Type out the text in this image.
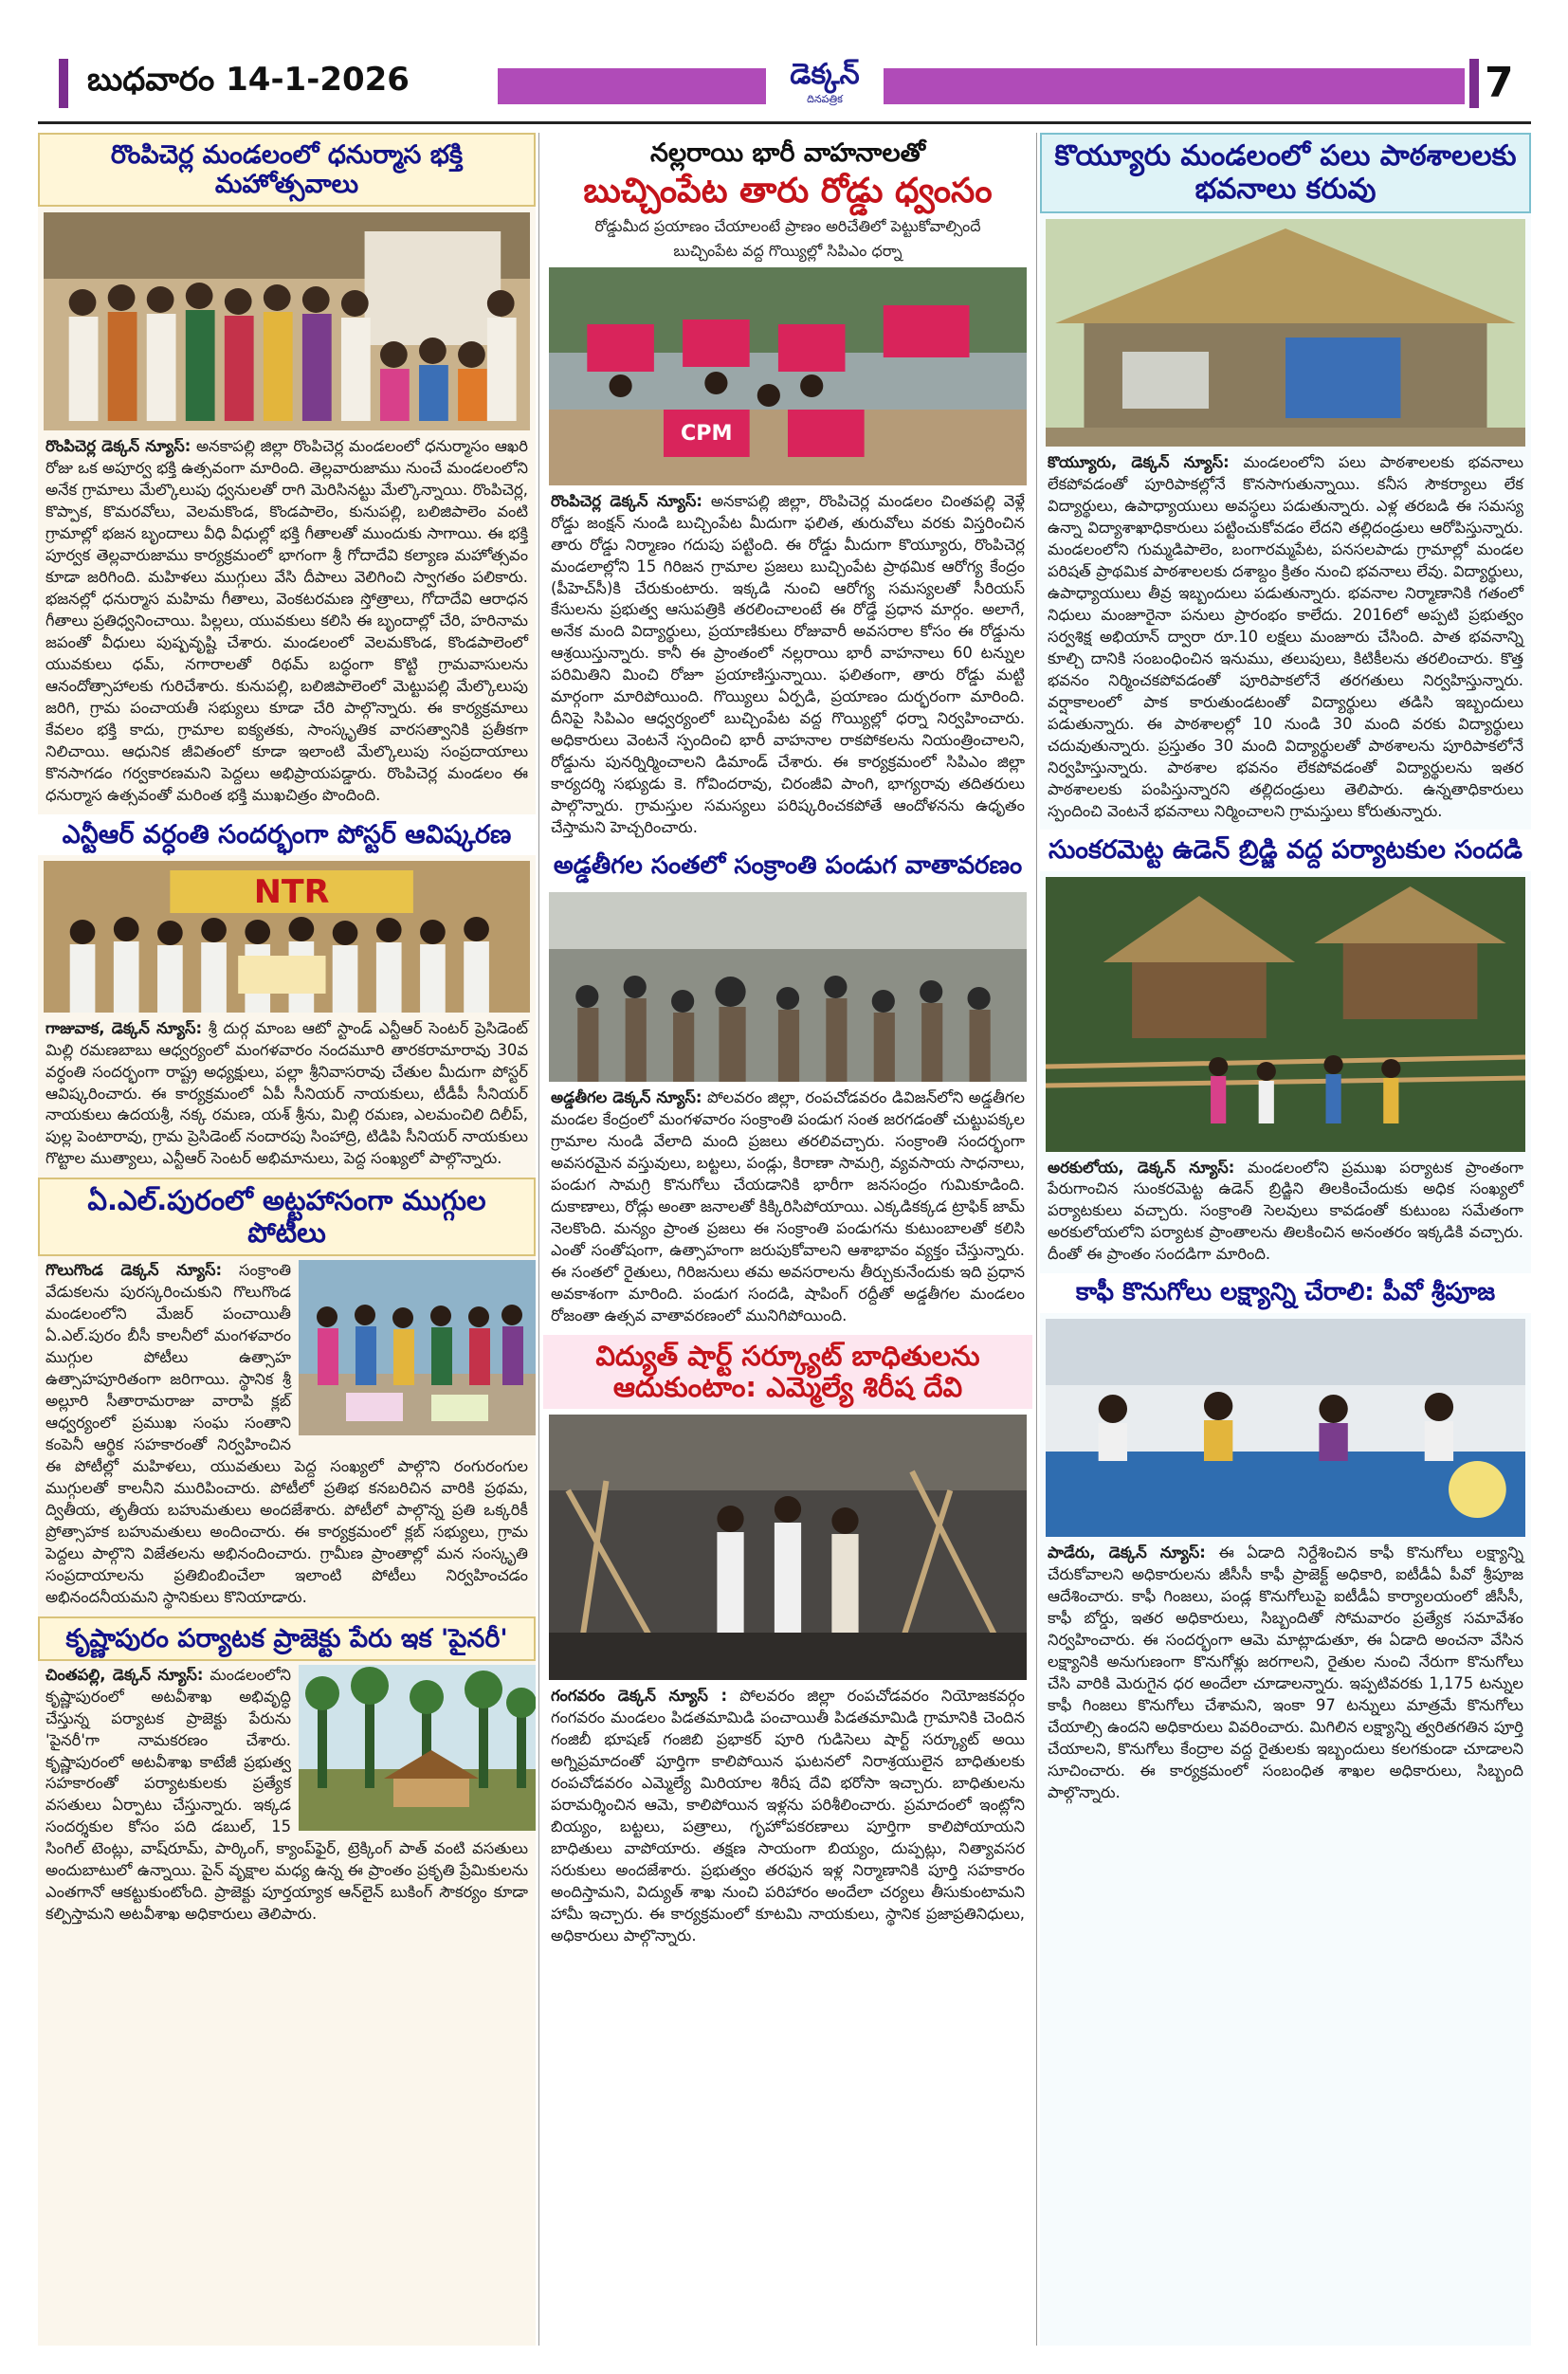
బుధవారం 14-1-2026	డెక్కన్
దినపత్రిక	7
రొంపిచెర్ల మండలంలో ధనుర్మాస భక్తి మహోత్సవాలు

రొంపిచెర్ల డెక్కన్ న్యూస్: అనకాపల్లి జిల్లా రొంపిచెర్ల మండలంలో ధనుర్మాసం ఆఖరి రోజు ఒక అపూర్వ భక్తి ఉత్సవంగా మారింది. తెల్లవారుజాము నుంచే మండలంలోని అనేక గ్రామాలు మేల్కొలుపు ధ్వనులతో రాగి మెరిసినట్టు మేల్కొన్నాయి. రొంపిచెర్ల, కొప్పాక, కొమరవోలు, వెలమకొండ, కొండపాలెం, కునుపల్లి, బలిజిపాలెం వంటి గ్రామాల్లో భజన బృందాలు వీధి వీధుల్లో భక్తి గీతాలతో ముందుకు సాగాయి. ఈ భక్తి పూర్వక తెల్లవారుజాము కార్యక్రమంలో భాగంగా శ్రీ గోదాదేవి కల్యాణ మహోత్సవం కూడా జరిగింది. మహిళలు ముగ్గులు వేసి దీపాలు వెలిగించి స్వాగతం పలికారు. భజనల్లో ధనుర్మాస మహిమ గీతాలు, వెంకటరమణ స్తోత్రాలు, గోదాదేవి ఆరాధన గీతాలు ప్రతిధ్వనించాయి. పిల్లలు, యువకులు కలిసి ఈ బృందాల్లో చేరి, హరినామ జపంతో వీధులు పుష్పవృష్టి చేశారు. మండలంలో వెలమకొండ, కొండపాలెంలో యువకులు ధమ్, నగారాలతో రిథమ్ బద్ధంగా కొట్టి గ్రామవాసులను ఆనందోత్సాహాలకు గురిచేశారు. కునుపల్లి, బలిజిపాలెంలో మెట్టుపల్లి మేల్కొలుపు జరిగి, గ్రామ పంచాయతీ సభ్యులు కూడా చేరి పాల్గొన్నారు. ఈ కార్యక్రమాలు కేవలం భక్తి కాదు, గ్రామాల ఐక్యతకు, సాంస్కృతిక వారసత్వానికి ప్రతీకగా నిలిచాయి. ఆధునిక జీవితంలో కూడా ఇలాంటి మేల్కొలుపు సంప్రదాయాలు కొనసాగడం గర్వకారణమని పెద్దలు అభిప్రాయపడ్డారు. రొంపిచెర్ల మండలం ఈ ధనుర్మాస ఉత్సవంతో మరింత భక్తి ముఖచిత్రం పొందింది.

ఎన్టీఆర్ వర్ధంతి సందర్భంగా పోస్టర్ ఆవిష్కరణ
NTR

గాజువాక, డెక్కన్ న్యూస్: శ్రీ దుర్గ మాంబ ఆటో స్టాండ్ ఎన్టీఆర్ సెంటర్ ప్రెసిడెంట్ మిల్లి రమణబాబు ఆధ్వర్యంలో మంగళవారం నందమూరి తారకరామారావు 30వ వర్ధంతి సందర్భంగా రాష్ట్ర అధ్యక్షులు, పల్లా శ్రీనివాసరావు చేతుల మీదుగా పోస్టర్ ఆవిష్కరించారు. ఈ కార్యక్రమంలో ఏపీ సీనియర్ నాయకులు, టీడీపీ సీనియర్ నాయకులు ఉదయశ్రీ, నక్క రమణ, యశ్ శ్రీను, మిల్లి రమణ, ఎలమంచిలి దిలీప్, పుల్ల పెంటారావు, గ్రామ ప్రెసిడెంట్ నందారపు సింహాద్రి, టిడిపి సీనియర్ నాయకులు గొట్టాల ముత్యాలు, ఎన్టీఆర్ సెంటర్ అభిమానులు, పెద్ద సంఖ్యలో పాల్గొన్నారు.

ఏ.ఎల్.పురంలో అట్టహాసంగా ముగ్గుల పోటీలు

గొలుగొండ డెక్కన్ న్యూస్: సంక్రాంతి వేడుకలను పురస్కరించుకుని గొలుగొండ మండలంలోని మేజర్ పంచాయితీ ఏ.ఎల్.పురం బీసీ కాలనీలో మంగళవారం ముగ్గుల పోటీలు ఉత్సాహ ఉత్సాహపూరితంగా జరిగాయి. స్థానిక శ్రీ అల్లూరి సీతారామరాజు వారాపి క్లబ్ ఆధ్వర్యంలో ప్రముఖ సంఘ సంతాని కంపెనీ ఆర్థిక సహకారంతో నిర్వహించిన ఈ పోటీల్లో మహిళలు, యువతులు పెద్ద సంఖ్యలో పాల్గొని రంగురంగుల ముగ్గులతో కాలనీని మురిపించారు. పోటీలో ప్రతిభ కనబరిచిన వారికి ప్రథమ, ద్వితీయ, తృతీయ బహుమతులు అందజేశారు. పోటీలో పాల్గొన్న ప్రతి ఒక్కరికీ ప్రోత్సాహక బహుమతులు అందించారు. ఈ కార్యక్రమంలో క్లబ్ సభ్యులు, గ్రామ పెద్దలు పాల్గొని విజేతలను అభినందించారు. గ్రామీణ ప్రాంతాల్లో మన సంస్కృతి సంప్రదాయాలను ప్రతిబింబించేలా ఇలాంటి పోటీలు నిర్వహించడం అభినందనీయమని స్థానికులు కొనియాడారు.

కృష్ణాపురం పర్యాటక ప్రాజెక్టు పేరు ఇక 'పైనరీ'

చింతపల్లి, డెక్కన్ న్యూస్: మండలంలోని కృష్ణాపురంలో అటవీశాఖ అభివృద్ధి చేస్తున్న పర్యాటక ప్రాజెక్టు పేరును 'పైనరీ'గా నామకరణం చేశారు. కృష్ణాపురంలో అటవీశాఖ కాటేజీ ప్రభుత్వ సహకారంతో పర్యాటకులకు ప్రత్యేక వసతులు ఏర్పాటు చేస్తున్నారు. ఇక్కడ సందర్శకుల కోసం పది డబుల్, 15 సింగిల్ టెంట్లు, వాష్‌రూమ్, పార్కింగ్, క్యాంప్‌ఫైర్, ట్రెక్కింగ్ పాత్ వంటి వసతులు అందుబాటులో ఉన్నాయి. పైన్ వృక్షాల మధ్య ఉన్న ఈ ప్రాంతం ప్రకృతి ప్రేమికులను ఎంతగానో ఆకట్టుకుంటోంది. ప్రాజెక్టు పూర్తయ్యాక ఆన్‌లైన్ బుకింగ్ సౌకర్యం కూడా కల్పిస్తామని అటవీశాఖ అధికారులు తెలిపారు.

నల్లరాయి భారీ వాహనాలతో
బుచ్చింపేట తారు రోడ్డు ధ్వంసం

రోడ్డుమీద ప్రయాణం చేయాలంటే ప్రాణం అరిచేతిలో పెట్టుకోవాల్సిందే

బుచ్చింపేట వద్ద గొయ్యిల్లో సిపిఎం ధర్నా

CPM

రొంపిచెర్ల డెక్కన్ న్యూస్: అనకాపల్లి జిల్లా, రొంపిచెర్ల మండలం చింతపల్లి వెళ్లే రోడ్డు జంక్షన్ నుండి బుచ్చింపేట మీదుగా ఫలిత, తురువోలు వరకు విస్తరించిన తారు రోడ్డు నిర్మాణం గదుపు పట్టింది. ఈ రోడ్డు మీదుగా కొయ్యూరు, రొంపిచెర్ల మండలాల్లోని 15 గిరిజన గ్రామాల ప్రజలు బుచ్చింపేట ప్రాథమిక ఆరోగ్య కేంద్రం (పీహెచ్‌సీ)కి చేరుకుంటారు. ఇక్కడి నుంచి ఆరోగ్య సమస్యలతో సీరియస్ కేసులను ప్రభుత్వ ఆసుపత్రికి తరలించాలంటే ఈ రోడ్డే ప్రధాన మార్గం. అలాగే, అనేక మంది విద్యార్థులు, ప్రయాణికులు రోజువారీ అవసరాల కోసం ఈ రోడ్డును ఆశ్రయిస్తున్నారు. కానీ ఈ ప్రాంతంలో నల్లరాయి భారీ వాహనాలు 60 టన్నుల పరిమితిని మించి రోజూ ప్రయాణిస్తున్నాయి. ఫలితంగా, తారు రోడ్డు మట్టి మార్గంగా మారిపోయింది. గొయ్యిలు ఏర్పడి, ప్రయాణం దుర్భరంగా మారింది. దీనిపై సిపిఎం ఆధ్వర్యంలో బుచ్చింపేట వద్ద గొయ్యిల్లో ధర్నా నిర్వహించారు. అధికారులు వెంటనే స్పందించి భారీ వాహనాల రాకపోకలను నియంత్రించాలని, రోడ్డును పునర్నిర్మించాలని డిమాండ్ చేశారు. ఈ కార్యక్రమంలో సిపిఎం జిల్లా కార్యదర్శి సభ్యుడు కె. గోవిందరావు, చిరంజీవి పాంగి, భాగ్యరావు తదితరులు పాల్గొన్నారు. గ్రామస్తుల సమస్యలు పరిష్కరించకపోతే ఆందోళనను ఉధృతం చేస్తామని హెచ్చరించారు.

అడ్డతీగల సంతలో సంక్రాంతి పండుగ వాతావరణం

అడ్డతీగల డెక్కన్ న్యూస్: పోలవరం జిల్లా, రంపచోడవరం డివిజన్‌లోని అడ్డతీగల మండల కేంద్రంలో మంగళవారం సంక్రాంతి పండుగ సంత జరగడంతో చుట్టుపక్కల గ్రామాల నుండి వేలాది మంది ప్రజలు తరలివచ్చారు. సంక్రాంతి సందర్భంగా అవసరమైన వస్తువులు, బట్టలు, పండ్లు, కిరాణా సామగ్రి, వ్యవసాయ సాధనాలు, పండుగ సామగ్రి కొనుగోలు చేయడానికి భారీగా జనసంద్రం గుమికూడింది. దుకాణాలు, రోడ్లు అంతా జనాలతో కిక్కిరిసిపోయాయి. ఎక్కడికక్కడ ట్రాఫిక్ జామ్ నెలకొంది. మన్యం ప్రాంత ప్రజలు ఈ సంక్రాంతి పండుగను కుటుంబాలతో కలిసి ఎంతో సంతోషంగా, ఉత్సాహంగా జరుపుకోవాలని ఆశాభావం వ్యక్తం చేస్తున్నారు. ఈ సంతలో రైతులు, గిరిజనులు తమ అవసరాలను తీర్చుకునేందుకు ఇది ప్రధాన అవకాశంగా మారింది. పండుగ సందడి, షాపింగ్ రద్దీతో అడ్డతీగల మండలం రోజంతా ఉత్సవ వాతావరణంలో మునిగిపోయింది.

విద్యుత్ షార్ట్ సర్క్యూట్ బాధితులను ఆదుకుంటాం: ఎమ్మెల్యే శిరీష దేవి

గంగవరం డెక్కన్ న్యూస్ : పోలవరం జిల్లా రంపచోడవరం నియోజకవర్గం గంగవరం మండలం పిడతమామిడి పంచాయితీ పిడతమామిడి గ్రామానికి చెందిన గంజిబీ భూషణ్ గంజిబి ప్రభాకర్ పూరి గుడిసెలు షార్ట్ సర్క్యూట్ అయి అగ్నిప్రమాదంతో పూర్తిగా కాలిపోయిన ఘటనలో నిరాశ్రయులైన బాధితులకు రంపచోడవరం ఎమ్మెల్యే మిరియాల శిరీష దేవి భరోసా ఇచ్చారు. బాధితులను పరామర్శించిన ఆమె, కాలిపోయిన ఇళ్లను పరిశీలించారు. ప్రమాదంలో ఇంట్లోని బియ్యం, బట్టలు, పత్రాలు, గృహోపకరణాలు పూర్తిగా కాలిపోయాయని బాధితులు వాపోయారు. తక్షణ సాయంగా బియ్యం, దుప్పట్లు, నిత్యావసర సరుకులు అందజేశారు. ప్రభుత్వం తరఫున ఇళ్ల నిర్మాణానికి పూర్తి సహకారం అందిస్తామని, విద్యుత్ శాఖ నుంచి పరిహారం అందేలా చర్యలు తీసుకుంటామని హామీ ఇచ్చారు. ఈ కార్యక్రమంలో కూటమి నాయకులు, స్థానిక ప్రజాప్రతినిధులు, అధికారులు పాల్గొన్నారు.

కొయ్యూరు మండలంలో పలు పాఠశాలలకు భవనాలు కరువు

కొయ్యూరు, డెక్కన్ న్యూస్: మండలంలోని పలు పాఠశాలలకు భవనాలు లేకపోవడంతో పూరిపాకల్లోనే కొనసాగుతున్నాయి. కనీస సౌకర్యాలు లేక విద్యార్థులు, ఉపాధ్యాయులు అవస్థలు పడుతున్నారు. ఎళ్ల తరబడి ఈ సమస్య ఉన్నా విద్యాశాఖాధికారులు పట్టించుకోవడం లేదని తల్లిదండ్రులు ఆరోపిస్తున్నారు. మండలంలోని గుమ్మడిపాలెం, బంగారమ్మపేట, పనసలపాడు గ్రామాల్లో మండల పరిషత్ ప్రాథమిక పాఠశాలలకు దశాబ్దం క్రితం నుంచి భవనాలు లేవు. విద్యార్థులు, ఉపాధ్యాయులు తీవ్ర ఇబ్బందులు పడుతున్నారు. భవనాల నిర్మాణానికి గతంలో నిధులు మంజూరైనా పనులు ప్రారంభం కాలేదు. 2016లో అప్పటి ప్రభుత్వం సర్వశిక్ష అభియాన్ ద్వారా రూ.10 లక్షలు మంజూరు చేసింది. పాత భవనాన్ని కూల్చి దానికి సంబంధించిన ఇనుము, తలుపులు, కిటికీలను తరలించారు. కొత్త భవనం నిర్మించకపోవడంతో పూరిపాకలోనే తరగతులు నిర్వహిస్తున్నారు. వర్షాకాలంలో పాక కారుతుండటంతో విద్యార్థులు తడిసి ఇబ్బందులు పడుతున్నారు. ఈ పాఠశాలల్లో 10 నుండి 30 మంది వరకు విద్యార్థులు చదువుతున్నారు. ప్రస్తుతం 30 మంది విద్యార్థులతో పాఠశాలను పూరిపాకలోనే నిర్వహిస్తున్నారు. పాఠశాల భవనం లేకపోవడంతో విద్యార్థులను ఇతర పాఠశాలలకు పంపిస్తున్నారని తల్లిదండ్రులు తెలిపారు. ఉన్నతాధికారులు స్పందించి వెంటనే భవనాలు నిర్మించాలని గ్రామస్తులు కోరుతున్నారు.

సుంకరమెట్ట ఉడెన్ బ్రిడ్జి వద్ద పర్యాటకుల సందడి

అరకులోయ, డెక్కన్ న్యూస్: మండలంలోని ప్రముఖ పర్యాటక ప్రాంతంగా పేరుగాంచిన సుంకరమెట్ట ఉడెన్ బ్రిడ్జిని తిలకించేందుకు అధిక సంఖ్యలో పర్యాటకులు వచ్చారు. సంక్రాంతి సెలవులు కావడంతో కుటుంబ సమేతంగా అరకులోయలోని పర్యాటక ప్రాంతాలను తిలకించిన అనంతరం ఇక్కడికి వచ్చారు. దీంతో ఈ ప్రాంతం సందడిగా మారింది.

కాఫీ కొనుగోలు లక్ష్యాన్ని చేరాలి: పీవో శ్రీపూజ

పాడేరు, డెక్కన్ న్యూస్: ఈ ఏడాది నిర్దేశించిన కాఫీ కొనుగోలు లక్ష్యాన్ని చేరుకోవాలని అధికారులను జీసీసీ కాఫీ ప్రాజెక్ట్ అధికారి, ఐటీడీఏ పీవో శ్రీపూజ ఆదేశించారు. కాఫీ గింజలు, పండ్ల కొనుగోలుపై ఐటీడీఏ కార్యాలయంలో జీసీసీ, కాఫీ బోర్డు, ఇతర అధికారులు, సిబ్బందితో సోమవారం ప్రత్యేక సమావేశం నిర్వహించారు. ఈ సందర్భంగా ఆమె మాట్లాడుతూ, ఈ ఏడాది అంచనా వేసిన లక్ష్యానికి అనుగుణంగా కొనుగోళ్లు జరగాలని, రైతుల నుంచి నేరుగా కొనుగోలు చేసి వారికి మెరుగైన ధర అందేలా చూడాలన్నారు. ఇప్పటివరకు 1,175 టన్నుల కాఫీ గింజలు కొనుగోలు చేశామని, ఇంకా 97 టన్నులు మాత్రమే కొనుగోలు చేయాల్సి ఉందని అధికారులు వివరించారు. మిగిలిన లక్ష్యాన్ని త్వరితగతిన పూర్తి చేయాలని, కొనుగోలు కేంద్రాల వద్ద రైతులకు ఇబ్బందులు కలగకుండా చూడాలని సూచించారు. ఈ కార్యక్రమంలో సంబంధిత శాఖల అధికారులు, సిబ్బంది పాల్గొన్నారు.
